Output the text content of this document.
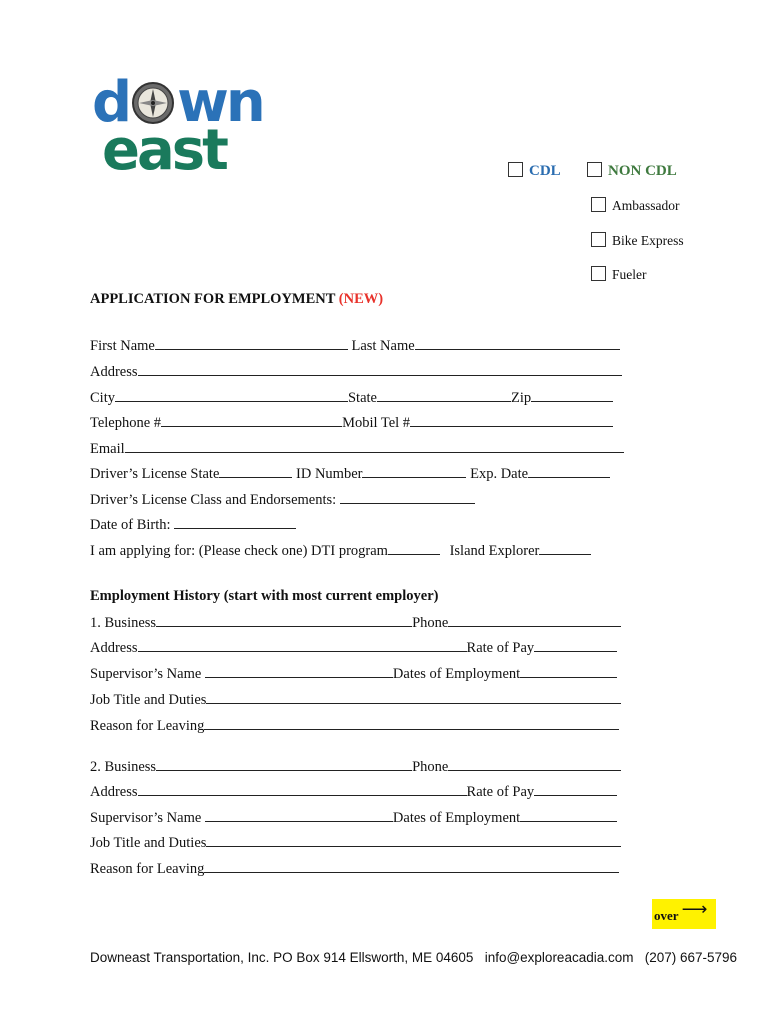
d wn
east	CDL	NON CDL
Ambassador
Bike Express
Fueler
APPLICATION FOR EMPLOYMENT (NEW)
First Name	Last Name
Address
City	State	Zip
Telephone #	Mobil Tel #
Email
Driver’s License State	ID Number	Exp. Date
Driver’s License Class and Endorsements:
Date of Birth:
I am applying for: (Please check one) DTI program	Island Explorer
Employment History (start with most current employer)
1. Business	Phone
Address	Rate of Pay
Supervisor’s Name	Dates of Employment
Job Title and Duties
Reason for Leaving
2. Business	Phone
Address	Rate of Pay
Supervisor’s Name	Dates of Employment
Job Title and Duties
Reason for Leaving
over ⟶
Downeast Transportation, Inc. PO Box 914 Ellsworth, ME 04605   info@exploreacadia.com   (207) 667-5796
